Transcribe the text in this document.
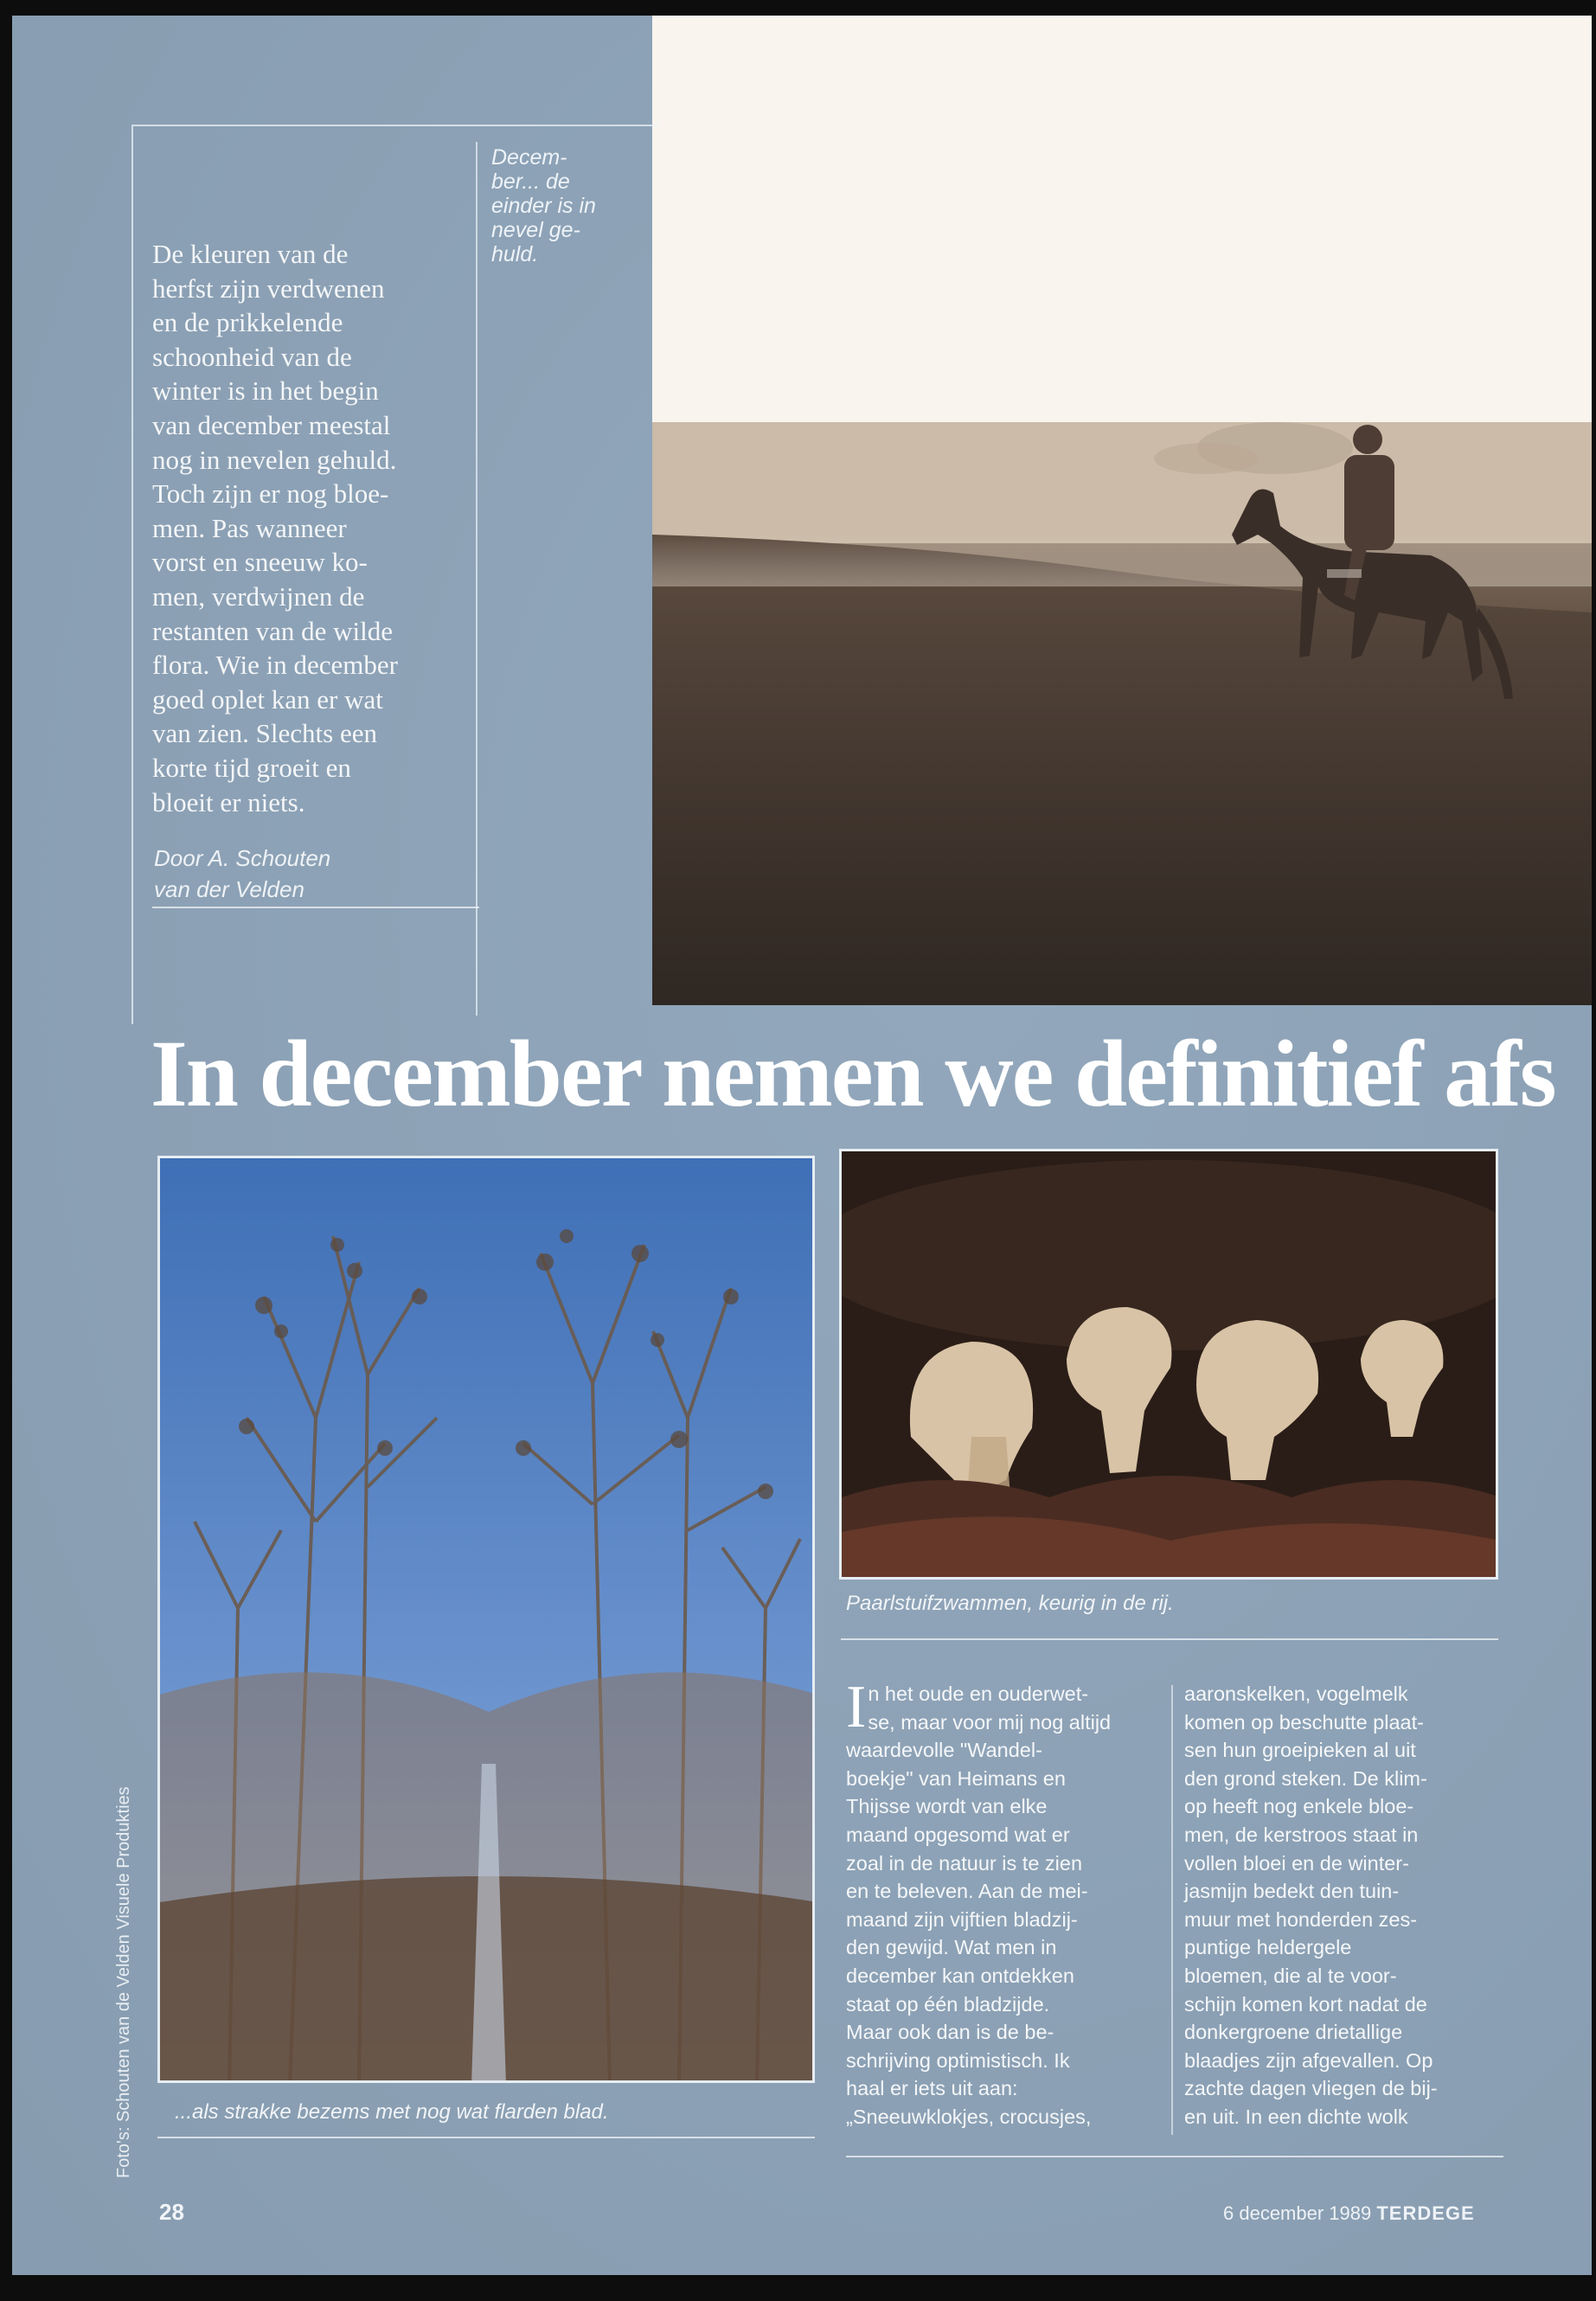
Decem-
ber... de
einder is in
nevel ge-
huld.
De kleuren van de
herfst zijn verdwenen
en de prikkelende
schoonheid van de
winter is in het begin
van december meestal
nog in nevelen gehuld.
Toch zijn er nog bloe-
men. Pas wanneer
vorst en sneeuw ko-
men, verdwijnen de
restanten van de wilde
flora. Wie in december
goed oplet kan er wat
van zien. Slechts een
korte tijd groeit en
bloeit er niets.
Door A. Schouten
van der Velden
In december nemen we definitief afs
...als strakke bezems met nog wat flarden blad.
Paarlstuifzwammen, keurig in de rij.
I n het oude en ouderwet-
se, maar voor mij nog altijd
waardevolle "Wandel-
boekje" van Heimans en
Thijsse wordt van elke
maand opgesomd wat er
zoal in de natuur is te zien
en te beleven. Aan de mei-
maand zijn vijftien bladzij-
den gewijd. Wat men in
december kan ontdekken
staat op één bladzijde.
Maar ook dan is de be-
schrijving optimistisch. Ik
haal er iets uit aan:
„Sneeuwklokjes, crocusjes,
aaronskelken, vogelmelk
komen op beschutte plaat-
sen hun groeipieken al uit
den grond steken. De klim-
op heeft nog enkele bloe-
men, de kerstroos staat in
vollen bloei en de winter-
jasmijn bedekt den tuin-
muur met honderden zes-
puntige heldergele
bloemen, die al te voor-
schijn komen kort nadat de
donkergroene drietallige
blaadjes zijn afgevallen. Op
zachte dagen vliegen de bij-
en uit. In een dichte wolk
Foto's: Schouten van de Velden Visuele Produkties
28	6 december 1989 TERDEGE
